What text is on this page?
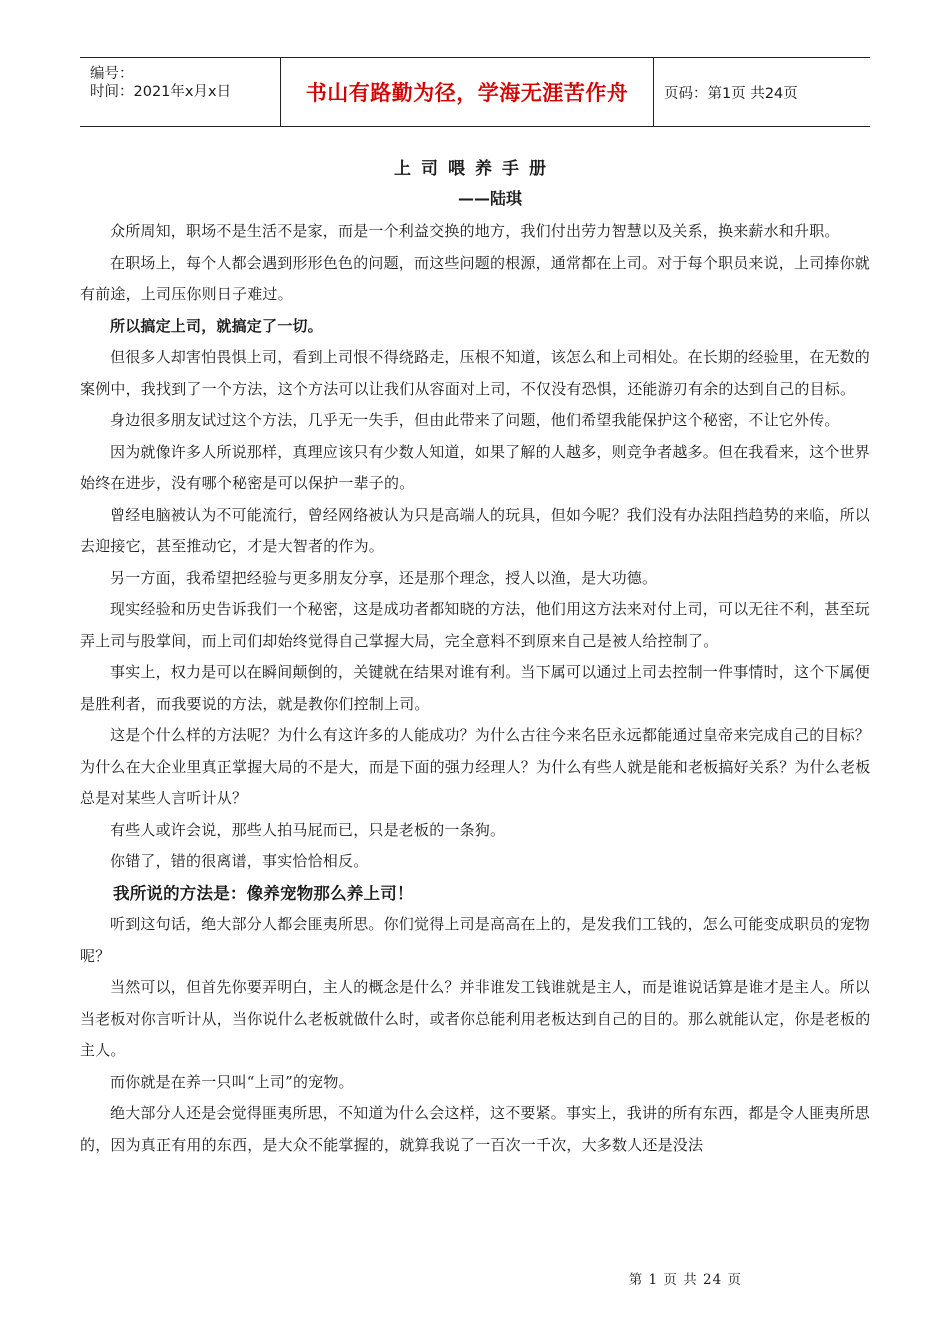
编号：
时间：2021年x月x日	书山有路勤为径，学海无涯苦作舟	页码：第1页 共24页
上司喂养手册
——陆琪

众所周知，职场不是生活不是家，而是一个利益交换的地方，我们付出劳力智慧以及关系，换来薪水和升职。

在职场上，每个人都会遇到形形色色的问题，而这些问题的根源，通常都在上司。对于每个职员来说，上司捧你就有前途，上司压你则日子难过。

所以搞定上司，就搞定了一切。

但很多人却害怕畏惧上司，看到上司恨不得绕路走，压根不知道，该怎么和上司相处。在长期的经验里，在无数的案例中，我找到了一个方法，这个方法可以让我们从容面对上司，不仅没有恐惧，还能游刃有余的达到自己的目标。

身边很多朋友试过这个方法，几乎无一失手，但由此带来了问题，他们希望我能保护这个秘密，不让它外传。

因为就像许多人所说那样，真理应该只有少数人知道，如果了解的人越多，则竞争者越多。但在我看来，这个世界始终在进步，没有哪个秘密是可以保护一辈子的。

曾经电脑被认为不可能流行，曾经网络被认为只是高端人的玩具，但如今呢？我们没有办法阻挡趋势的来临，所以去迎接它，甚至推动它，才是大智者的作为。

另一方面，我希望把经验与更多朋友分享，还是那个理念，授人以渔，是大功德。

现实经验和历史告诉我们一个秘密，这是成功者都知晓的方法，他们用这方法来对付上司，可以无往不利，甚至玩弄上司与股掌间，而上司们却始终觉得自己掌握大局，完全意料不到原来自己是被人给控制了。

事实上，权力是可以在瞬间颠倒的，关键就在结果对谁有利。当下属可以通过上司去控制一件事情时，这个下属便是胜利者，而我要说的方法，就是教你们控制上司。

这是个什么样的方法呢？为什么有这许多的人能成功？为什么古往今来名臣永远都能通过皇帝来完成自己的目标？为什么在大企业里真正掌握大局的不是大，而是下面的强力经理人？为什么有些人就是能和老板搞好关系？为什么老板总是对某些人言听计从？

有些人或许会说，那些人拍马屁而已，只是老板的一条狗。

你错了，错的很离谱，事实恰恰相反。

我所说的方法是：像养宠物那么养上司！

听到这句话，绝大部分人都会匪夷所思。你们觉得上司是高高在上的，是发我们工钱的，怎么可能变成职员的宠物呢？

当然可以，但首先你要弄明白，主人的概念是什么？并非谁发工钱谁就是主人，而是谁说话算是谁才是主人。所以当老板对你言听计从，当你说什么老板就做什么时，或者你总能利用老板达到自己的目的。那么就能认定，你是老板的主人。

而你就是在养一只叫“上司”的宠物。

绝大部分人还是会觉得匪夷所思，不知道为什么会这样，这不要紧。事实上，我讲的所有东西，都是令人匪夷所思的，因为真正有用的东西，是大众不能掌握的，就算我说了一百次一千次，大多数人还是没法

第 1 页 共 24 页
